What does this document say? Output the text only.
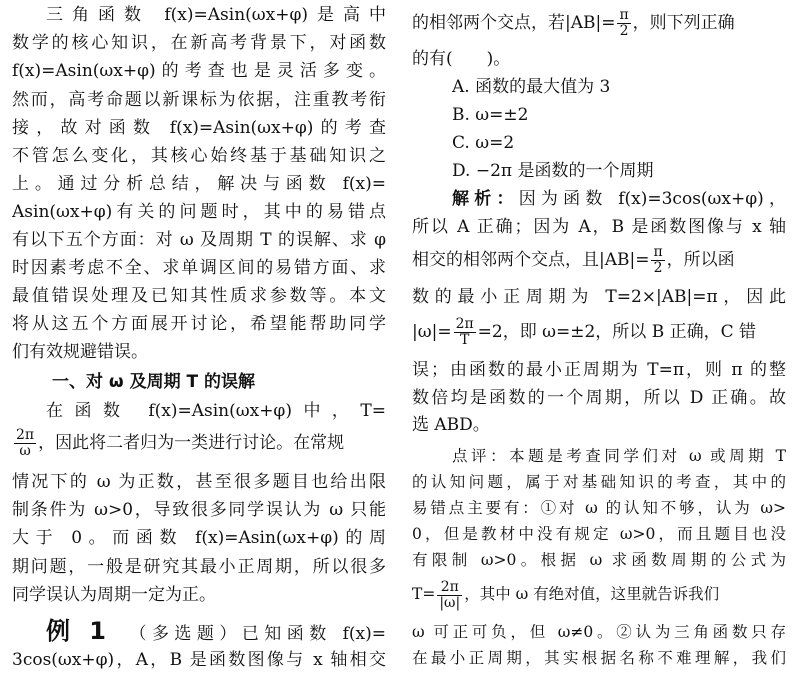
三角函数 f(x)=Asin(ωx+φ)是高中
数学的核心知识，在新高考背景下，对函数
f(x)=Asin(ωx+φ)的考查也是灵活多变。
然而，高考命题以新课标为依据，注重教考衔
接，故对函数 f(x)=Asin(ωx+φ)的考查
不管怎么变化，其核心始终基于基础知识之
上。通过分析总结，解决与函数 f(x)=
Asin(ωx+φ)有关的问题时，其中的易错点
有以下五个方面：对 ω 及周期 T 的误解、求 φ
时因素考虑不全、求单调区间的易错方面、求
最值错误处理及已知其性质求参数等。本文
将从这五个方面展开讨论，希望能帮助同学
们有效规避错误。
一、对 ω 及周期 T 的误解
在函数 f(x)=Asin(ωx+φ)中，T=
$\frac{2\pi}{\omega}$ ，因此将二者归为一类进行讨论。在常规
情况下的 ω 为正数，甚至很多题目也给出限
制条件为 ω>0，导致很多同学误认为 ω 只能
大于 0。而函数 f(x)=Asin(ωx+φ)的周
期问题，一般是研究其最小正周期，所以很多
同学误认为周期一定为正。
例 1 （多选题）已知函数 f(x)=
3cos(ωx+φ)，A，B 是函数图像与 x 轴相交
的相邻两个交点，若$|AB|= \frac{\pi}{2}$ ，则下列正确
的有(　　)。
A. 函数的最大值为 3
B. ω=±2
C. ω=2
D. −2π 是函数的一个周期
解析：因为函数 f(x)=3cos(ωx+φ)，
所以 A 正确；因为 A，B 是函数图像与 x 轴
相交的相邻两个交点，且$|AB|= \frac{\pi}{2}$ ，所以函
数的最小正周期为 T=2×|AB|=π，因此
$|\omega|= \frac{2\pi}{T} =2$，即 ω=±2，所以 B 正确，C 错
误；由函数的最小正周期为 T=π，则 π 的整
数倍均是函数的一个周期，所以 D 正确。故
选 ABD。
点评：本题是考查同学们对 ω 或周期 T
的认知问题，属于对基础知识的考查，其中的
易错点主要有：①对 ω 的认知不够，认为 ω>
0，但是教材中没有规定 ω>0，而且题目也没
有限制 ω>0。根据 ω 求函数周期的公式为
$T= \frac{2\pi}{|\omega|}$ ，其中 ω 有绝对值，这里就告诉我们
ω 可正可负，但 ω≠0。②认为三角函数只存
在最小正周期，其实根据名称不难理解，我们
